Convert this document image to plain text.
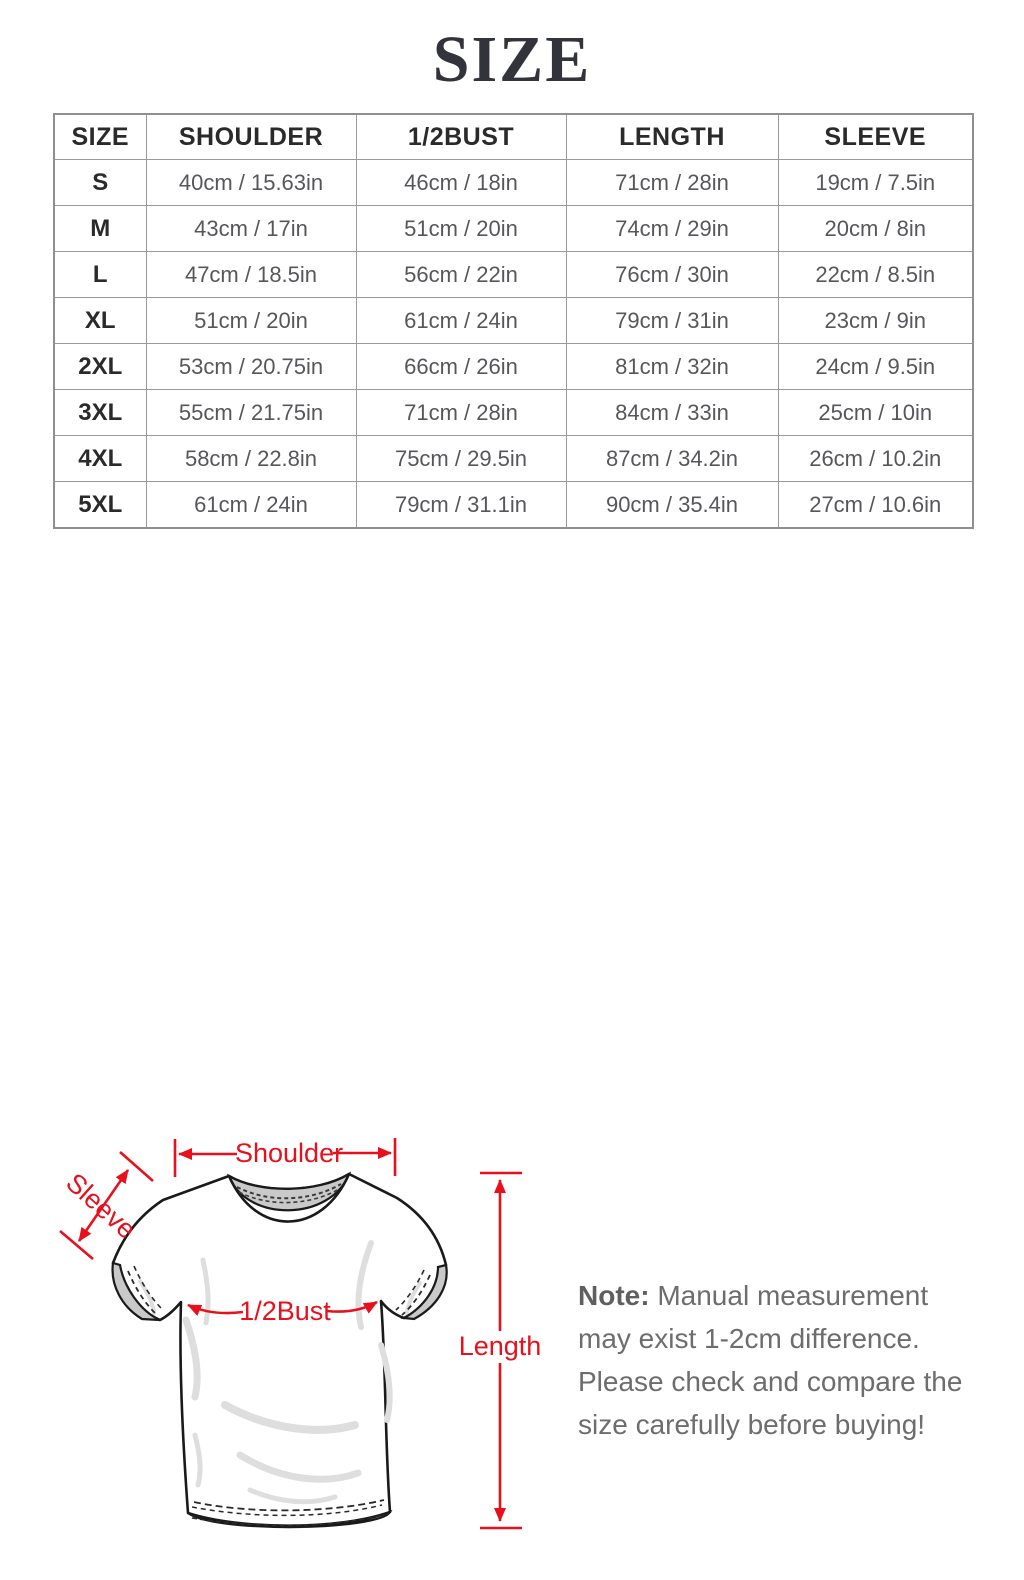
SIZE
SIZE	SHOULDER	1/2BUST	LENGTH	SLEEVE
S	40cm / 15.63in	46cm / 18in	71cm / 28in	19cm / 7.5in
M	43cm / 17in	51cm / 20in	74cm / 29in	20cm / 8in
L	47cm / 18.5in	56cm / 22in	76cm / 30in	22cm / 8.5in
XL	51cm / 20in	61cm / 24in	79cm / 31in	23cm / 9in
2XL	53cm / 20.75in	66cm / 26in	81cm / 32in	24cm / 9.5in
3XL	55cm / 21.75in	71cm / 28in	84cm / 33in	25cm / 10in
4XL	58cm / 22.8in	75cm / 29.5in	87cm / 34.2in	26cm / 10.2in
5XL	61cm / 24in	79cm / 31.1in	90cm / 35.4in	27cm / 10.6in
Shoulder
Sleeve
1/2Bust
Length

Note: Manual measurement may exist 1-2cm difference. Please check and compare the size carefully before buying!
